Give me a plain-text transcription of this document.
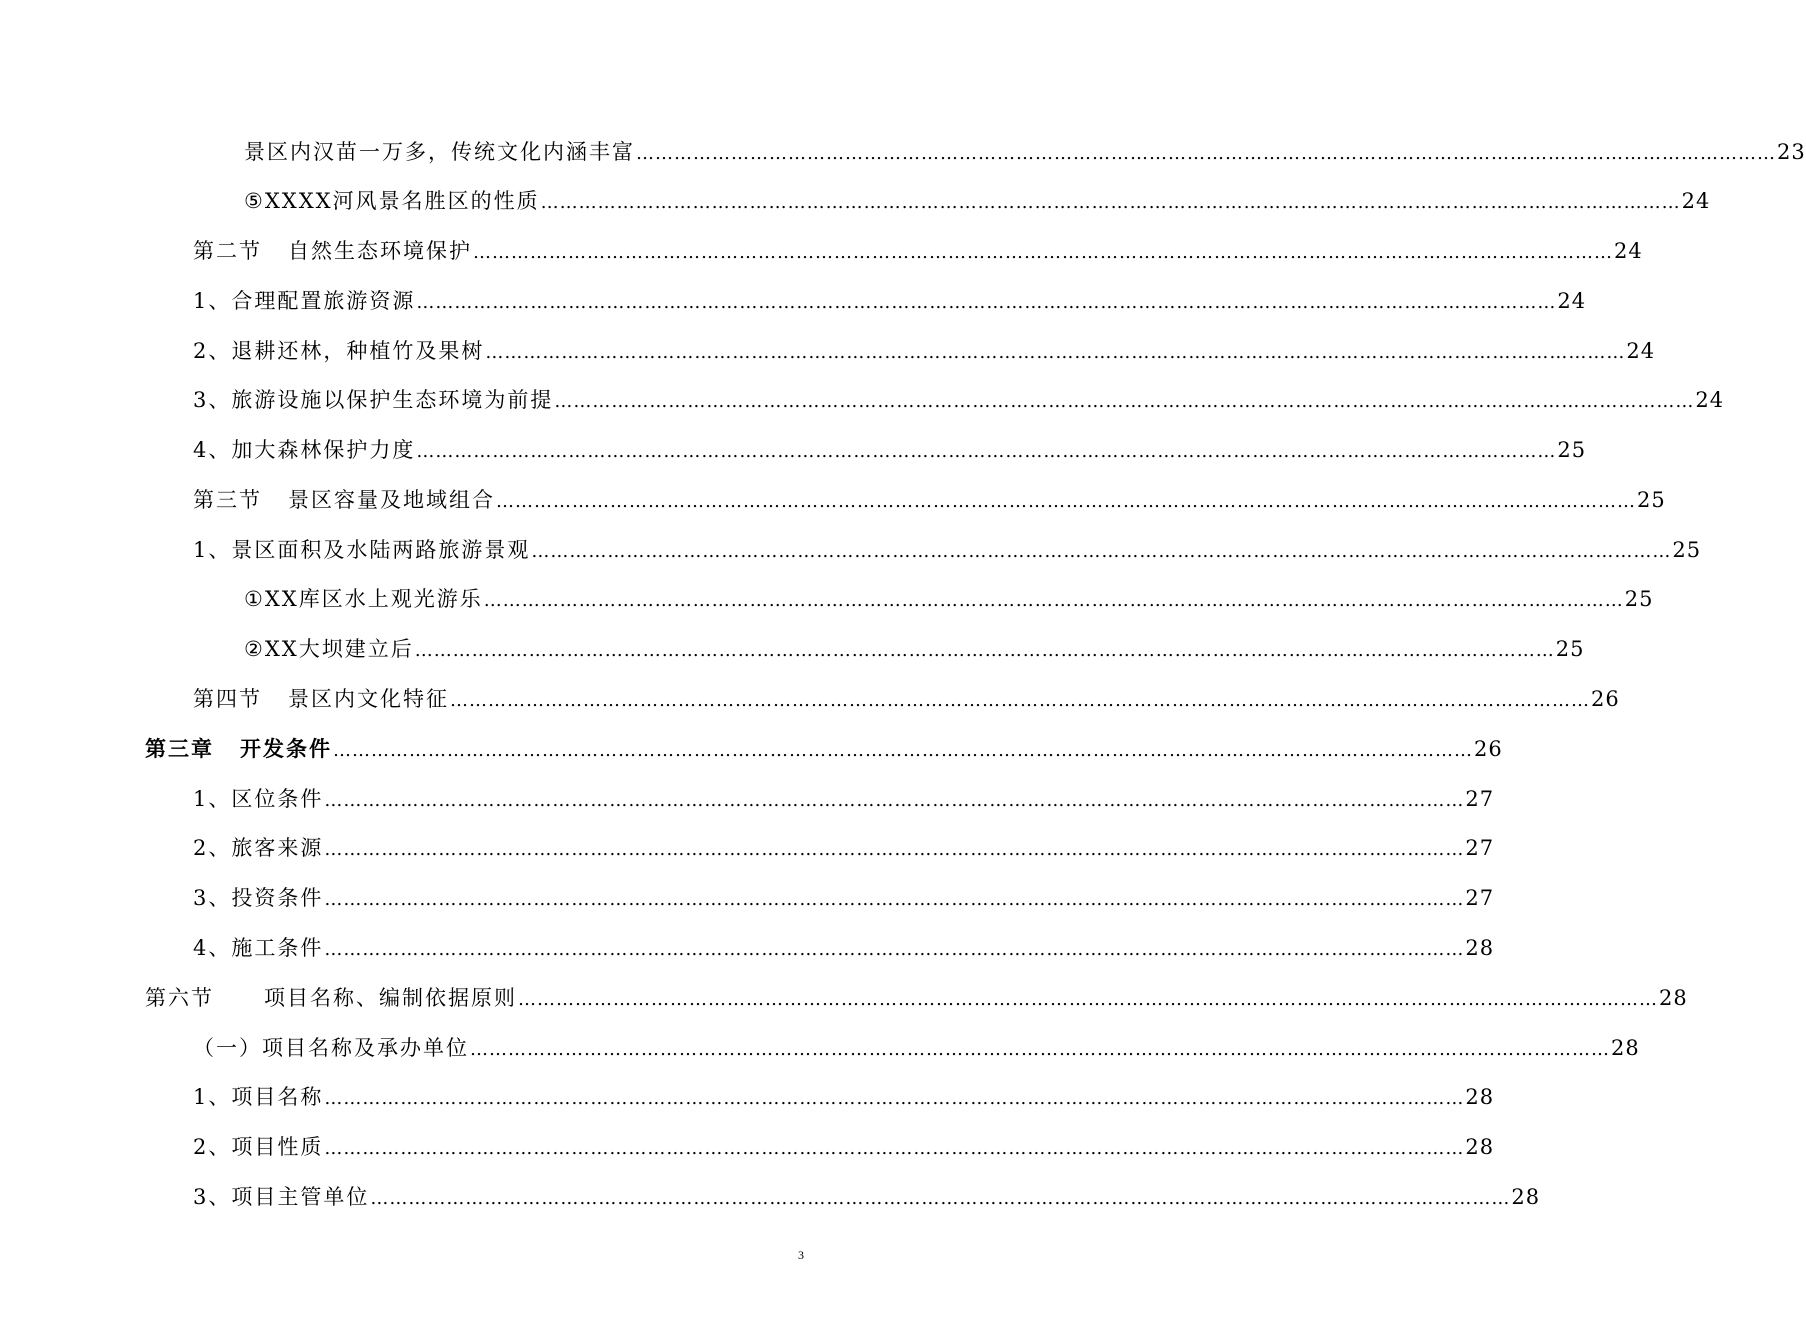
景区内汉苗一万多，传统文化内涵丰富 ……………………………………………………………………………………………………………………………………………………………… 23
⑤XXXX河风景名胜区的性质 ……………………………………………………………………………………………………………………………………………………………… 24
第二节 自然生态环境保护 ……………………………………………………………………………………………………………………………………………………………… 24
1、合理配置旅游资源 ……………………………………………………………………………………………………………………………………………………………… 24
2、退耕还林，种植竹及果树 ……………………………………………………………………………………………………………………………………………………………… 24
3、旅游设施以保护生态环境为前提 ……………………………………………………………………………………………………………………………………………………………… 24
4、加大森林保护力度 ……………………………………………………………………………………………………………………………………………………………… 25
第三节 景区容量及地域组合 ……………………………………………………………………………………………………………………………………………………………… 25
1、景区面积及水陆两路旅游景观 ……………………………………………………………………………………………………………………………………………………………… 25
①XX库区水上观光游乐 ……………………………………………………………………………………………………………………………………………………………… 25
②XX大坝建立后 ……………………………………………………………………………………………………………………………………………………………… 25
第四节 景区内文化特征 ……………………………………………………………………………………………………………………………………………………………… 26
第三章 开发条件 ……………………………………………………………………………………………………………………………………………………………… 26
1、区位条件 ……………………………………………………………………………………………………………………………………………………………… 27
2、旅客来源 ……………………………………………………………………………………………………………………………………………………………… 27
3、投资条件 ……………………………………………………………………………………………………………………………………………………………… 27
4、施工条件 ……………………………………………………………………………………………………………………………………………………………… 28
第六节 项目名称、编制依据原则 ……………………………………………………………………………………………………………………………………………………………… 28
（一）项目名称及承办单位 ……………………………………………………………………………………………………………………………………………………………… 28
1、项目名称 ……………………………………………………………………………………………………………………………………………………………… 28
2、项目性质 ……………………………………………………………………………………………………………………………………………………………… 28
3、项目主管单位 ……………………………………………………………………………………………………………………………………………………………… 28
3
